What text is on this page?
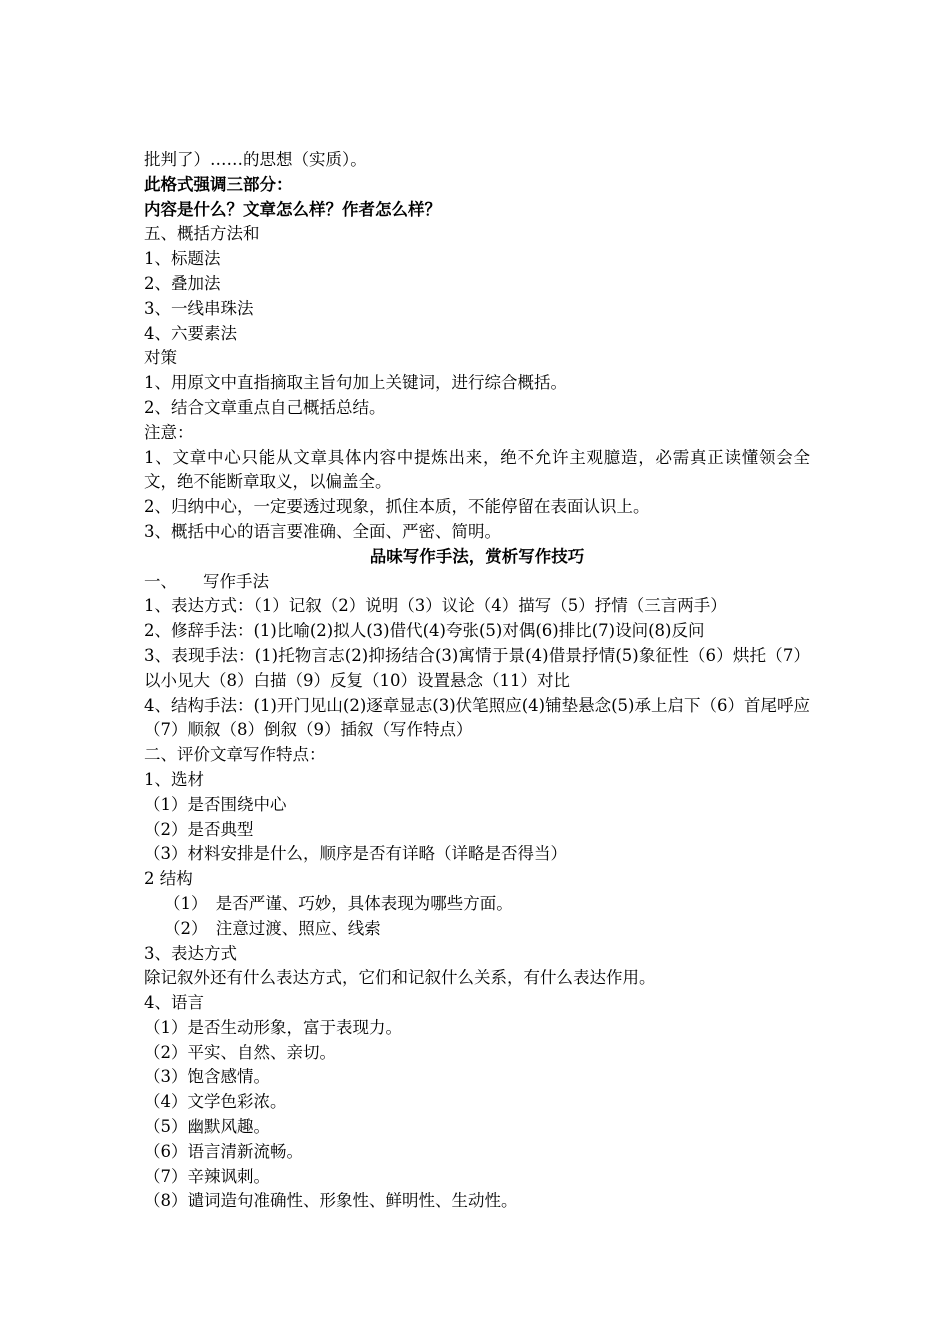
批判了）……的思想（实质）。

此格式强调三部分：

内容是什么？文章怎么样？作者怎么样？

五、概括方法和

1、标题法

2、叠加法

3、一线串珠法

4、六要素法

对策

1、用原文中直指摘取主旨句加上关键词，进行综合概括。

2、结合文章重点自己概括总结。

注意：

1、文章中心只能从文章具体内容中提炼出来，绝不允许主观臆造，必需真正读懂领会全文，绝不能断章取义，以偏盖全。

2、归纳中心，一定要透过现象，抓住本质，不能停留在表面认识上。

3、概括中心的语言要准确、全面、严密、简明。

品味写作手法，赏析写作技巧

一、 写作手法

1、表达方式：（1）记叙（2）说明（3）议论（4）描写（5）抒情（三言两手）

2、修辞手法：(1)比喻(2)拟人(3)借代(4)夸张(5)对偶(6)排比(7)设问(8)反问

3、表现手法：(1)托物言志(2)抑扬结合(3)寓情于景(4)借景抒情(5)象征性（6）烘托（7）以小见大（8）白描（9）反复（10）设置悬念（11）对比

4、结构手法：(1)开门见山(2)逐章显志(3)伏笔照应(4)铺垫悬念(5)承上启下（6）首尾呼应（7）顺叙（8）倒叙（9）插叙（写作特点）

二、评价文章写作特点：

1、选材

（1）是否围绕中心

（2）是否典型

（3）材料安排是什么，顺序是否有详略（详略是否得当）

2 结构

（1）　是否严谨、巧妙，具体表现为哪些方面。

（2）　注意过渡、照应、线索

3、表达方式

除记叙外还有什么表达方式，它们和记叙什么关系，有什么表达作用。

4、语言

（1）是否生动形象，富于表现力。

（2）平实、自然、亲切。

（3）饱含感情。

（4）文学色彩浓。

（5）幽默风趣。

（6）语言清新流畅。

（7）辛辣讽刺。

（8）谴词造句准确性、形象性、鲜明性、生动性。
